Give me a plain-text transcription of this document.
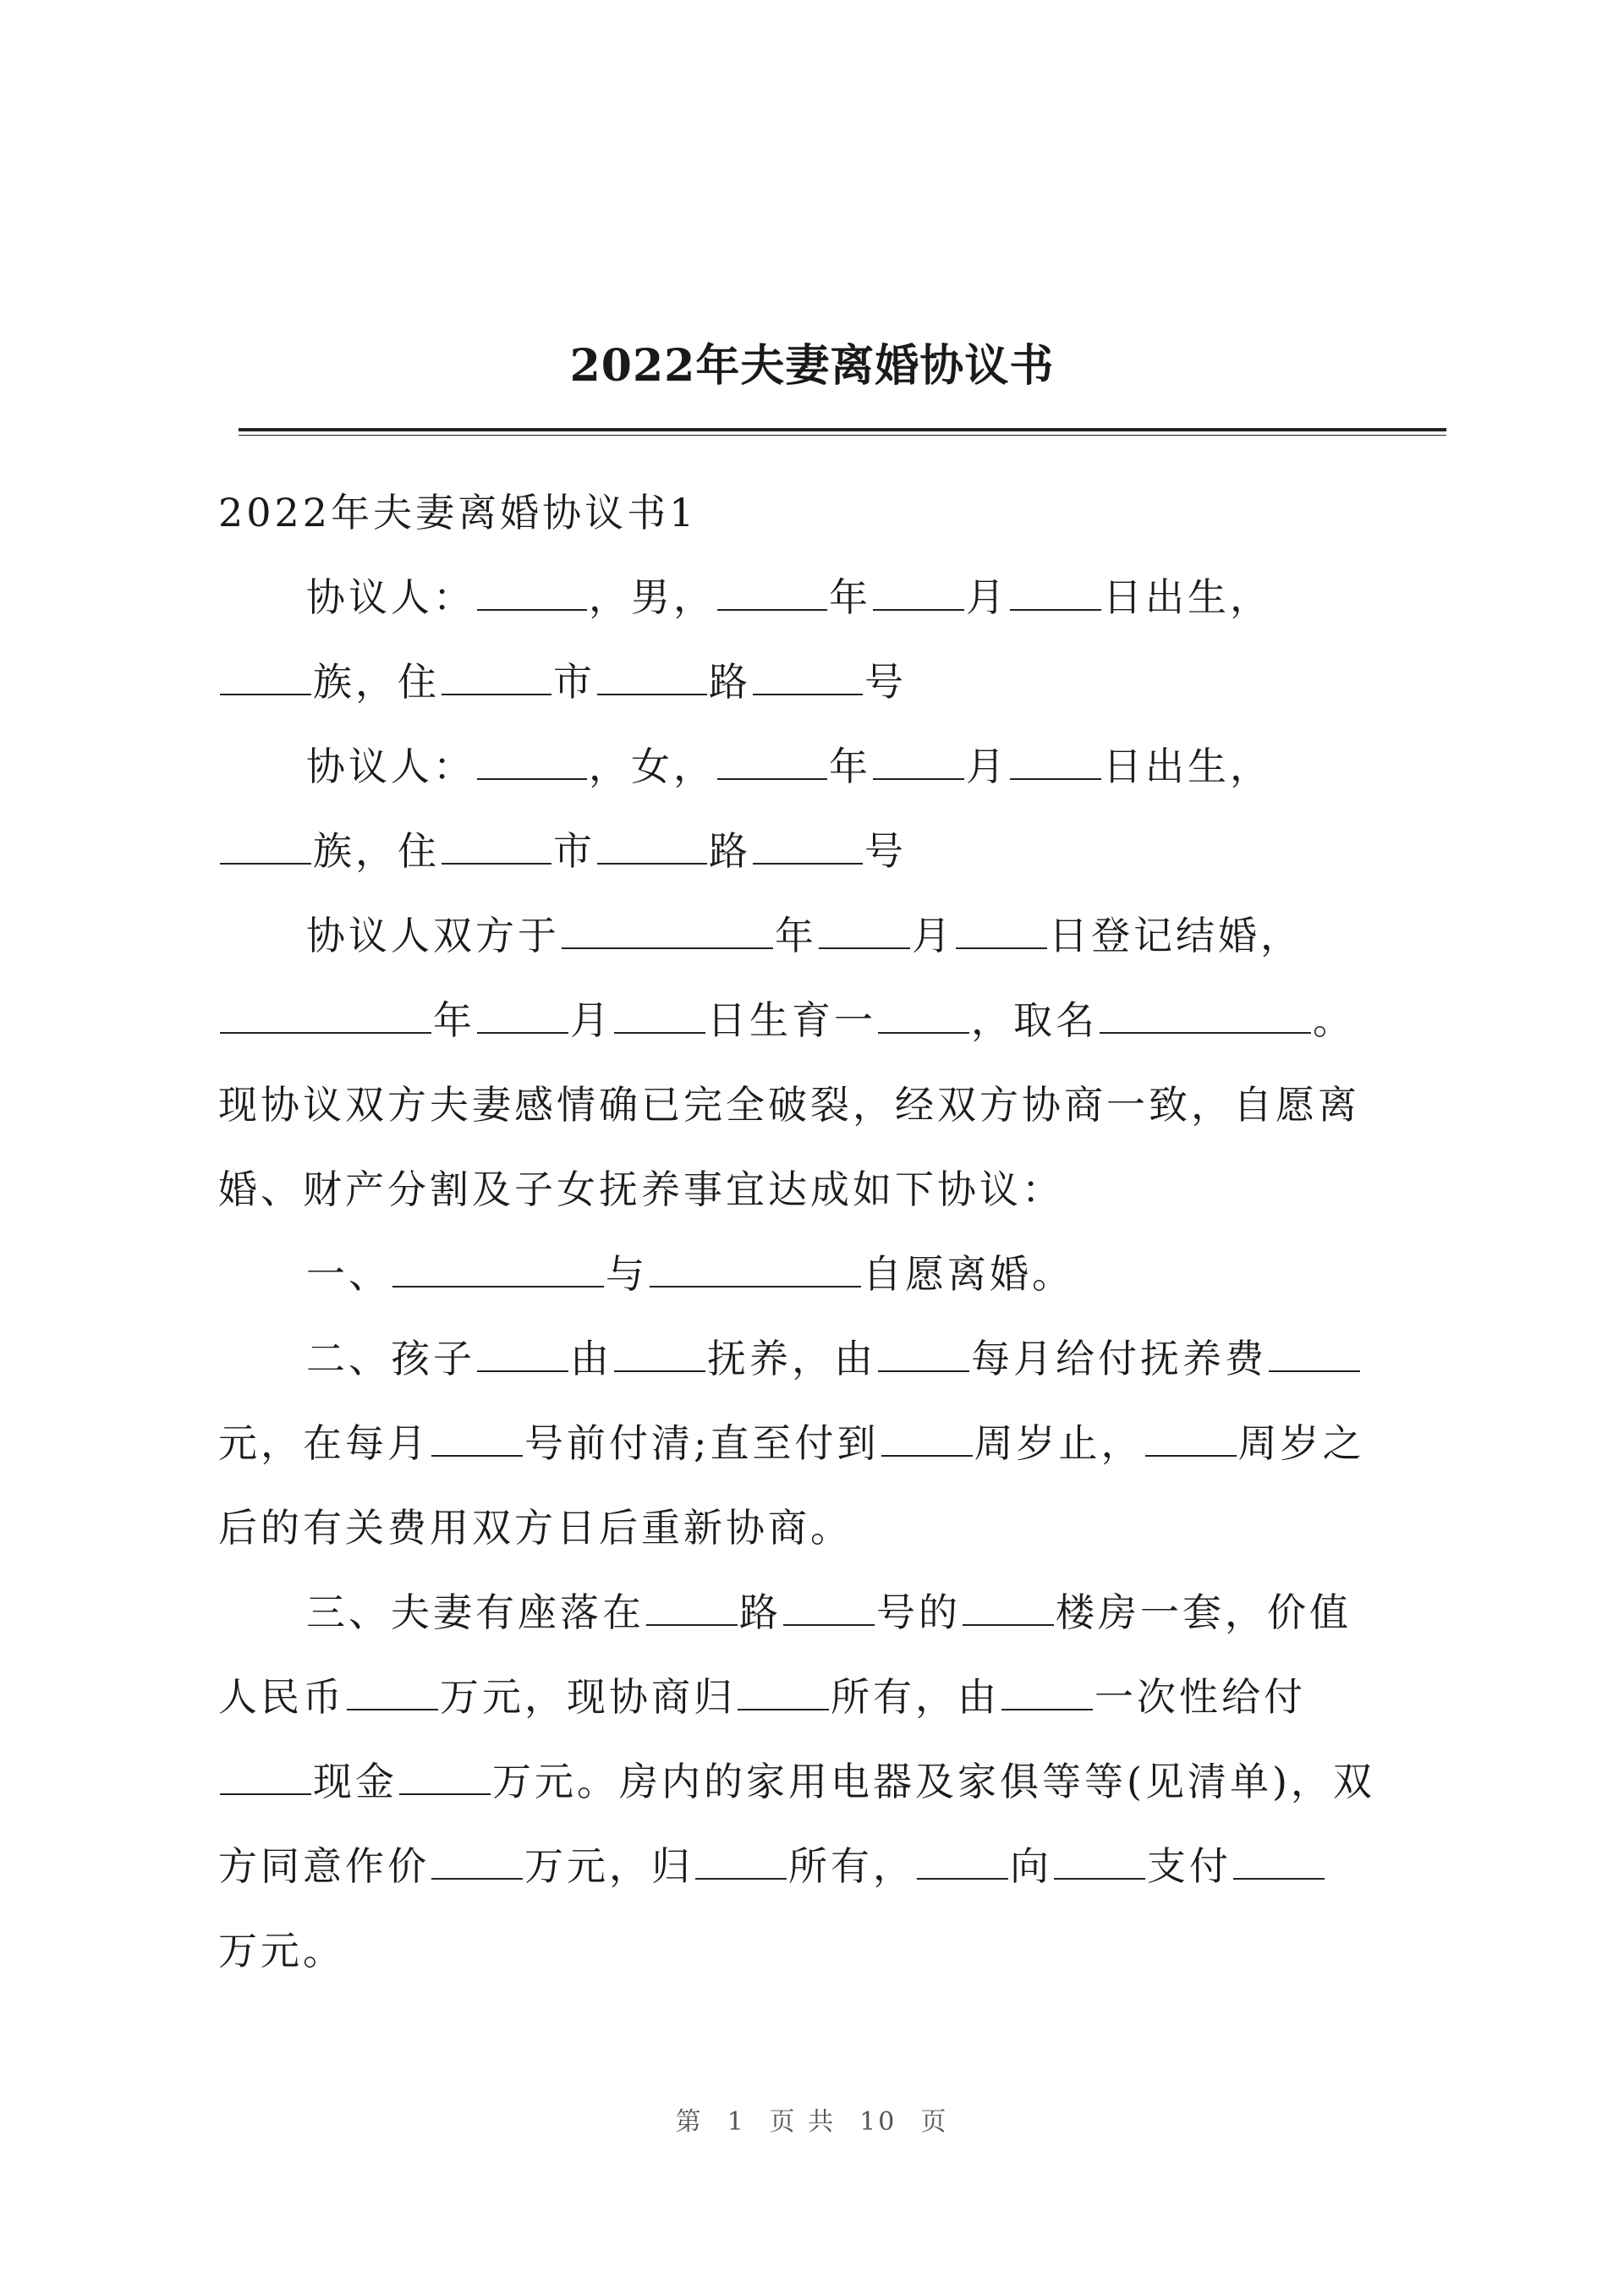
2022年夫妻离婚协议书
2022年夫妻离婚协议书1
协议人：	，男，	年 月 日出生，
族，住	市	路	号
协议人：	，女，	年 月 日出生，
族，住	市	路	号
协议人双方于	年 月 日登记结婚，
年 月 日生育一 ，取名	。
现协议双方夫妻感情确已完全破裂，经双方协商一致，自愿离
婚、财产分割及子女抚养事宜达成如下协议：
一、	与	自愿离婚。
二、孩子 由 抚养，由 每月给付抚养费
元，在每月 号前付清;直至付到 周岁止， 周岁之
后的有关费用双方日后重新协商。
三、夫妻有座落在 路 号的 楼房一套，价值
人民币 万元，现协商归 所有，由 一次性给付
现金 万元。房内的家用电器及家俱等等(见清单)，双
方同意作价 万元，归 所有， 向 支付
万元。
第 1 页 共 10 页
